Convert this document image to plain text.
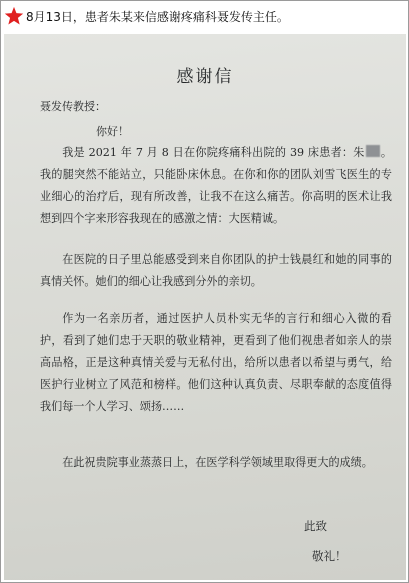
8月13日，患者朱某来信感谢疼痛科聂发传主任。
感谢信
聂发传教授：
你好！

我是 2021 年 7 月 8 日在你院疼痛科出院的 39 床患者：朱 。我的腿突然不能站立，只能卧床休息。在你和你的团队刘雪飞医生的专业细心的治疗后，现有所改善，让我不在这么痛苦。你高明的医术让我想到四个字来形容我现在的感激之情：大医精诚。

在医院的日子里总能感受到来自你团队的护士钱晨红和她的同事的真情关怀。她们的细心让我感到分外的亲切。

作为一名亲历者，通过医护人员朴实无华的言行和细心入微的看护，看到了她们忠于天职的敬业精神，更看到了他们视患者如亲人的崇高品格，正是这种真情关爱与无私付出，给所以患者以希望与勇气，给医护行业树立了风范和榜样。他们这种认真负责、尽职奉献的态度值得我们每一个人学习、颂扬……

在此祝贵院事业蒸蒸日上，在医学科学领域里取得更大的成绩。

此致
敬礼！
